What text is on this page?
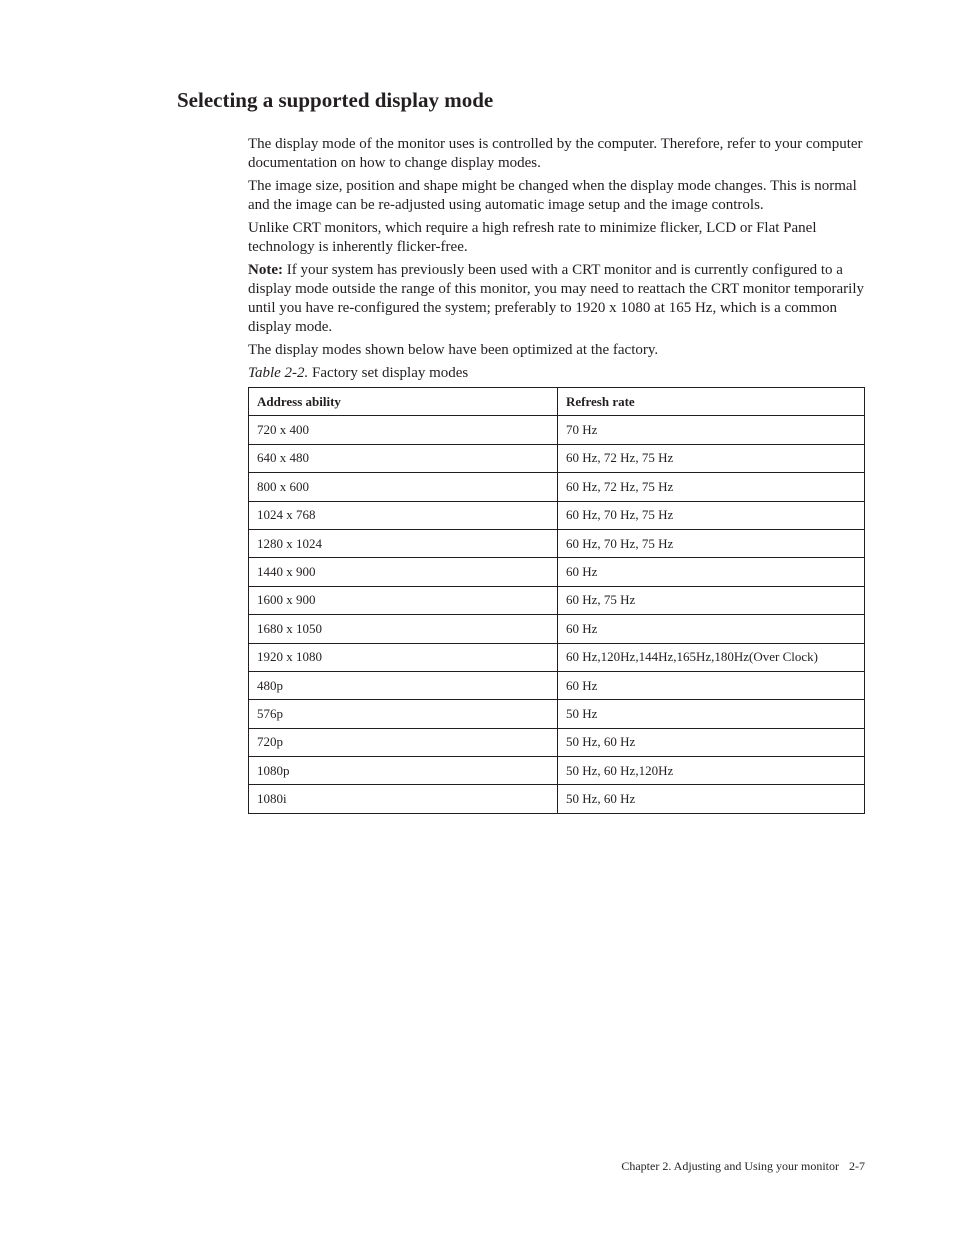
Selecting a supported display mode

The display mode of the monitor uses is controlled by the computer. Therefore, refer to your computer documentation on how to change display modes.

The image size, position and shape might be changed when the display mode changes. This is normal and the image can be re-adjusted using automatic image setup and the image controls.

Unlike CRT monitors, which require a high refresh rate to minimize flicker, LCD or Flat Panel technology is inherently flicker-free.

Note: If your system has previously been used with a CRT monitor and is currently configured to a display mode outside the range of this monitor, you may need to reattach the CRT monitor temporarily until you have re-configured the system; preferably to 1920 x 1080 at 165 Hz, which is a common display mode.

The display modes shown below have been optimized at the factory.

Table 2-2. Factory set display modes

Address ability	Refresh rate
720 x 400	70 Hz
640 x 480	60 Hz, 72 Hz, 75 Hz
800 x 600	60 Hz, 72 Hz, 75 Hz
1024 x 768	60 Hz, 70 Hz, 75 Hz
1280 x 1024	60 Hz, 70 Hz, 75 Hz
1440 x 900	60 Hz
1600 x 900	60 Hz, 75 Hz
1680 x 1050	60 Hz
1920 x 1080	60 Hz,120Hz,144Hz,165Hz,180Hz(Over Clock)
480p	60 Hz
576p	50 Hz
720p	50 Hz, 60 Hz
1080p	50 Hz, 60 Hz,120Hz
1080i	50 Hz, 60 Hz
Chapter 2. Adjusting and Using your monitor 2-7
